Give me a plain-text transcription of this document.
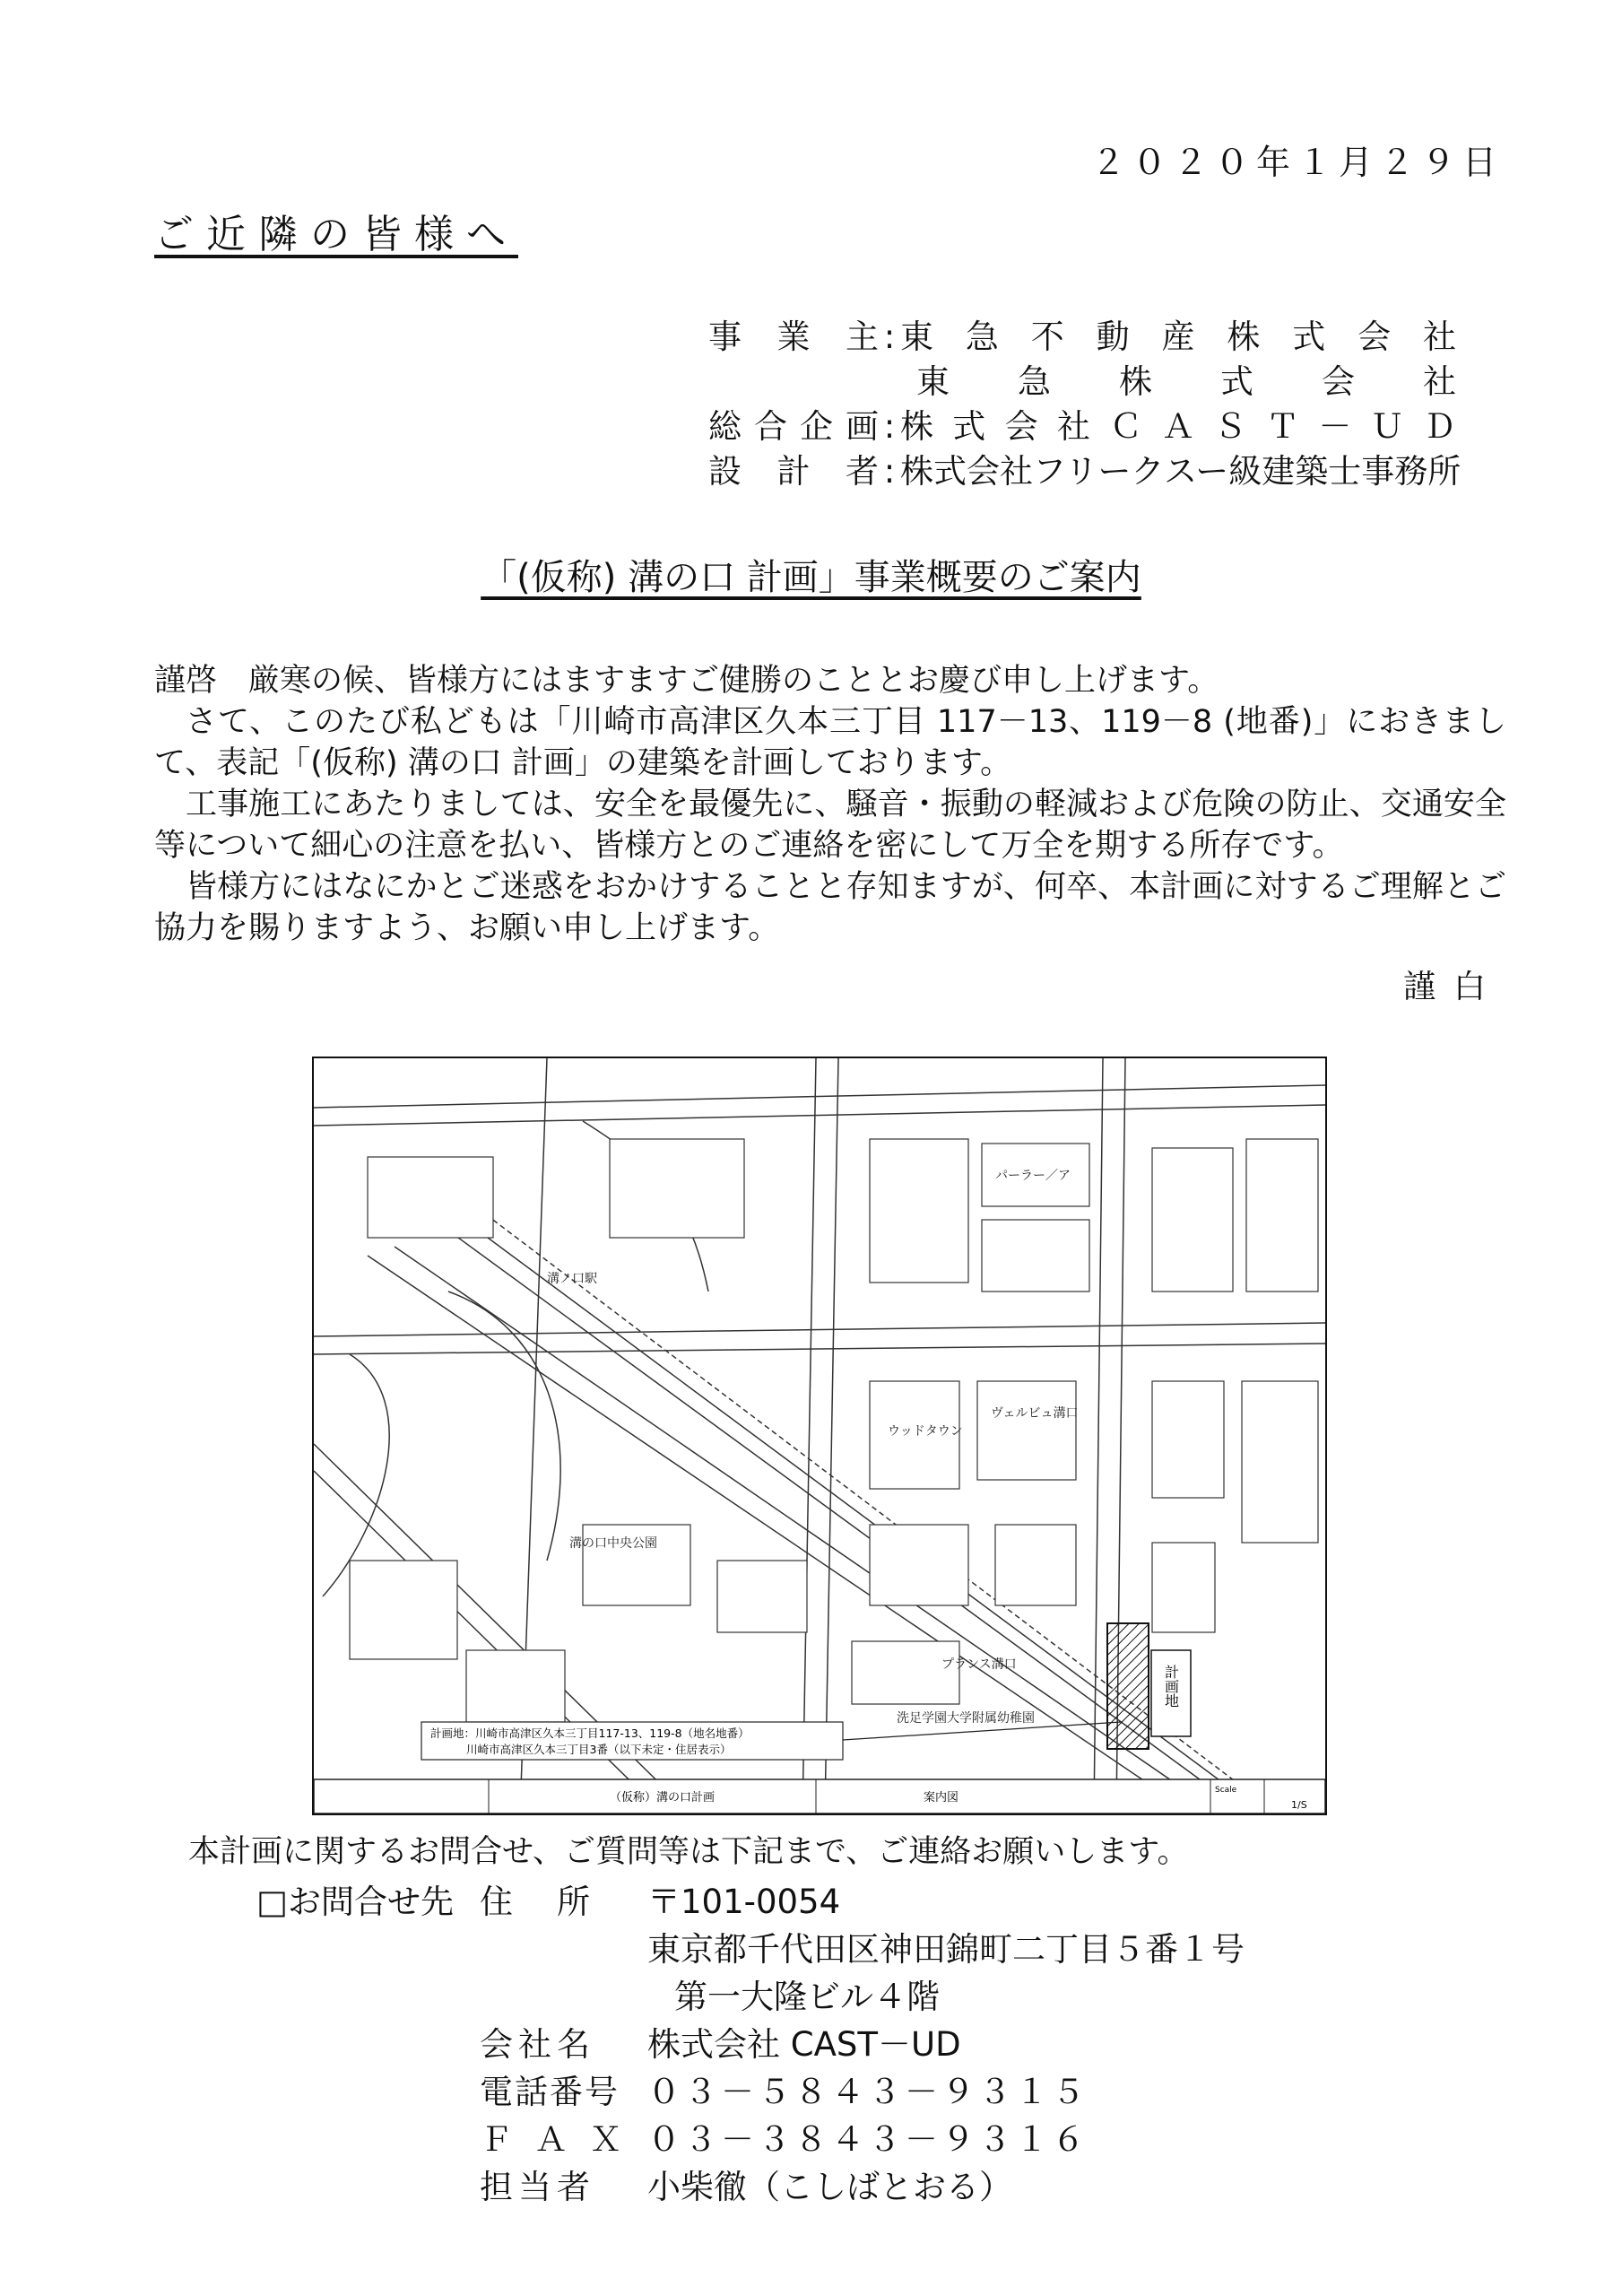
２０２０年１月２９日
ご近隣の皆様へ
事業主 : 東急不動産株式会社
東急株式会社
総合企画 : 株式会社ＣＡＳＴ－ＵＤ
設計者 : 株式会社フリークスー級建築士事務所
「(仮称) 溝の口 計画」事業概要のご案内

謹啓　厳寒の候、皆様方にはますますご健勝のこととお慶び申し上げます。

さて、このたび私どもは「川崎市高津区久本三丁目 117－13、119－8 (地番)」におきまして、表記「(仮称) 溝の口 計画」の建築を計画しております。

工事施工にあたりましては、安全を最優先に、騒音・振動の軽減および危険の防止、交通安全等について細心の注意を払い、皆様方とのご連絡を密にして万全を期する所存です。

皆様方にはなにかとご迷惑をおかけすることと存知ますが、何卒、本計画に対するご理解とご協力を賜りますよう、お願い申し上げます。

謹白
計画地
溝ノ口駅
パーラー／ア
プランス溝口
洗足学園大学附属幼稚園
ヴェルビュ溝口
ウッドタウン
溝の口中央公園
計画地：川崎市高津区久本三丁目117-13、119-8（地名地番）
川崎市高津区久本三丁目3番（以下未定・住居表示）
（仮称）溝の口計画	案内図
Scale
1/S
本計画に関するお問合せ、ご質問等は下記まで、ご連絡お願いします。
□お問合せ先 住　所 〒101-0054
東京都千代田区神田錦町二丁目５番１号
第一大隆ビル４階
会社名 株式会社 CAST－UD
電話番号 ０３－５８４３－９３１５
ＦＡＸ ０３－３８４３－９３１６
担当者 小柴徹（こしばとおる）
